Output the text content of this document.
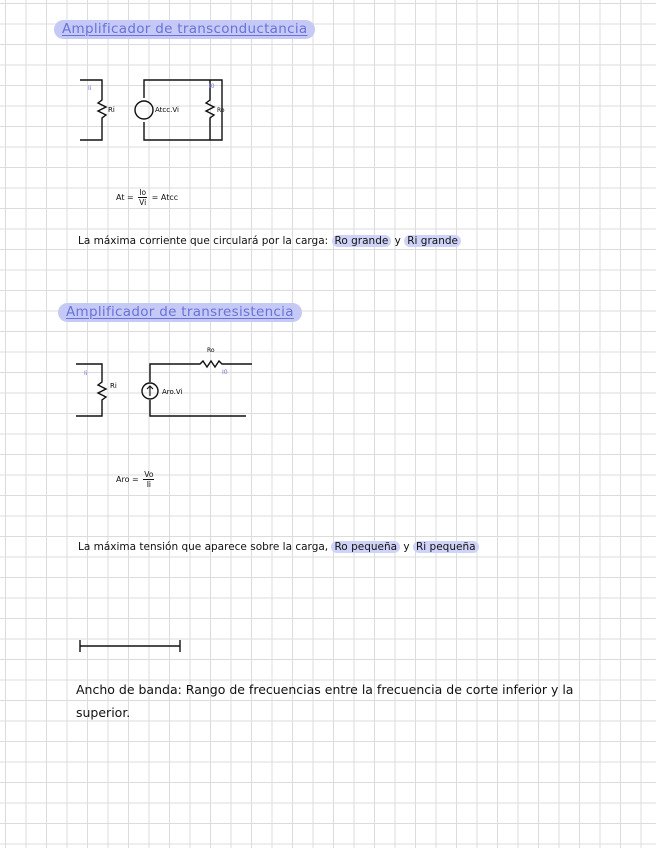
Amplificador de transconductancia
Ii
Ri	Atcc.Vi	Ro
I0
$At = \frac{Io}{Vi}$ = Atcc
La máxima corriente que circulará por la carga: Ro grande y Ri grande
Amplificador de transresistencia
Ii
Ri
Aro.Vi
Ro
I0
Aro = $\frac{Vo}{Ii}$
La máxima tensión que aparece sobre la carga, Ro pequeña y Ri pequeña
Ancho de banda: Rango de frecuencias entre la frecuencia de corte inferior y la superior.
